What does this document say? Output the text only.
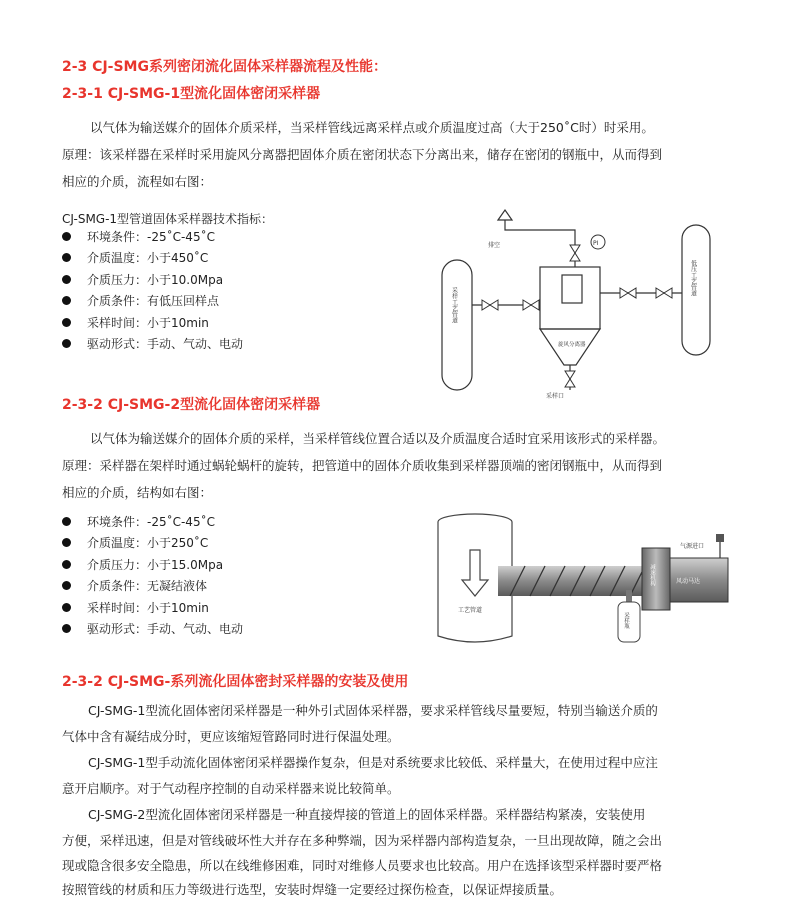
2-3 CJ-SMG系列密闭流化固体采样器流程及性能：
2-3-1 CJ-SMG-1型流化固体密闭采样器
以气体为输送媒介的固体介质采样，当采样管线远离采样点或介质温度过高（大于250˚C时）时采用。
原理：该采样器在采样时采用旋风分离器把固体介质在密闭状态下分离出来，储存在密闭的钢瓶中，从而得到
相应的介质，流程如右图：
CJ-SMG-1型管道固体采样器技术指标：
环境条件：-25˚C-45˚C
介质温度：小于450˚C
介质压力：小于10.0Mpa
介质条件：有低压回样点
采样时间：小于10min
驱动形式：手动、气动、电动
PI
排空
旋风分离器
采样口
采样工艺管道
低压工艺管道
2-3-2 CJ-SMG-2型流化固体密闭采样器
以气体为输送媒介的固体介质的采样，当采样管线位置合适以及介质温度合适时宜采用该形式的采样器。
原理：采样器在架样时通过蜗轮蜗杆的旋转，把管道中的固体介质收集到采样器顶端的密闭钢瓶中，从而得到
相应的介质，结构如右图：
环境条件：-25˚C-45˚C
介质温度：小于250˚C
介质压力：小于15.0Mpa
介质条件：无凝结液体
采样时间：小于10min
驱动形式：手动、气动、电动
工艺管道
减速机构	风动马达
气源进口
采样瓶
2-3-2 CJ-SMG-系列流化固体密封采样器的安装及使用
CJ-SMG-1型流化固体密闭采样器是一种外引式固体采样器，要求采样管线尽量要短，特别当输送介质的
气体中含有凝结成分时，更应该缩短管路同时进行保温处理。
CJ-SMG-1型手动流化固体密闭采样器操作复杂，但是对系统要求比较低、采样量大，在使用过程中应注
意开启顺序。对于气动程序控制的自动采样器来说比较简单。
CJ-SMG-2型流化固体密闭采样器是一种直接焊接的管道上的固体采样器。采样器结构紧凑，安装使用
方便，采样迅速，但是对管线破坏性大并存在多种弊端，因为采样器内部构造复杂，一旦出现故障，随之会出
现或隐含很多安全隐患，所以在线维修困难，同时对维修人员要求也比较高。用户在选择该型采样器时要严格
按照管线的材质和压力等级进行选型，安装时焊缝一定要经过探伤检查，以保证焊接质量。
